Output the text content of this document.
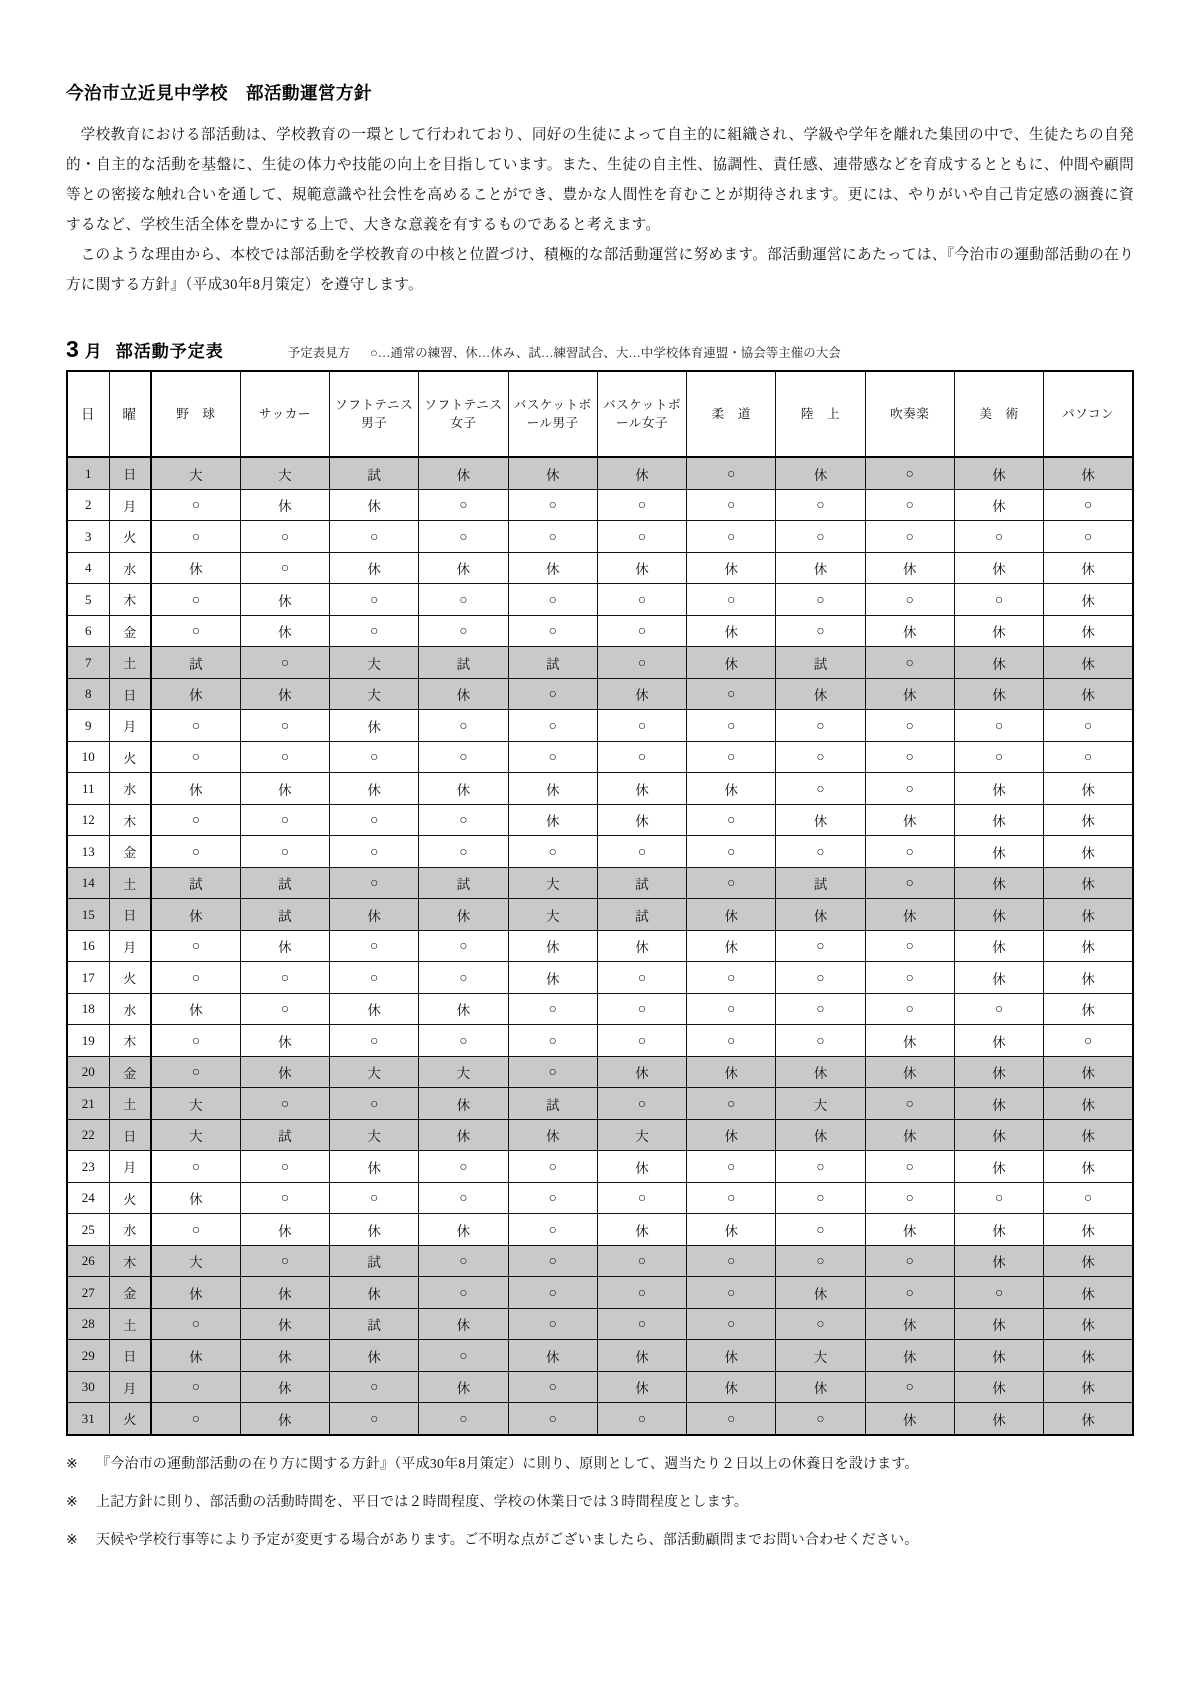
今治市立近見中学校　部活動運営方針

学校教育における部活動は、学校教育の一環として行われており、同好の生徒によって自主的に組織され、学級や学年を離れた集団の中で、生徒たちの自発的・自主的な活動を基盤に、生徒の体力や技能の向上を目指しています。また、生徒の自主性、協調性、責任感、連帯感などを育成するとともに、仲間や顧問等との密接な触れ合いを通して、規範意識や社会性を高めることができ、豊かな人間性を育むことが期待されます。更には、やりがいや自己肯定感の涵養に資するなど、学校生活全体を豊かにする上で、大きな意義を有するものであると考えます。

このような理由から、本校では部活動を学校教育の中核と位置づけ、積極的な部活動運営に努めます。部活動運営にあたっては、『今治市の運動部活動の在り方に関する方針』（平成30年8月策定）を遵守します。

3 月 部活動予定表	予定表見方 ○…通常の練習、休…休み、試…練習試合、大…中学校体育連盟・協会等主催の大会
日	曜	野　球	サッカー	ソフトテニス男子	ソフトテニス女子	バスケットボール男子	バスケットボール女子	柔　道	陸　上	吹奏楽	美　術	パソコン
1	日	大	大	試	休	休	休	○	休	○	休	休
2	月	○	休	休	○	○	○	○	○	○	休	○
3	火	○	○	○	○	○	○	○	○	○	○	○
4	水	休	○	休	休	休	休	休	休	休	休	休
5	木	○	休	○	○	○	○	○	○	○	○	休
6	金	○	休	○	○	○	○	休	○	休	休	休
7	土	試	○	大	試	試	○	休	試	○	休	休
8	日	休	休	大	休	○	休	○	休	休	休	休
9	月	○	○	休	○	○	○	○	○	○	○	○
10	火	○	○	○	○	○	○	○	○	○	○	○
11	水	休	休	休	休	休	休	休	○	○	休	休
12	木	○	○	○	○	休	休	○	休	休	休	休
13	金	○	○	○	○	○	○	○	○	○	休	休
14	土	試	試	○	試	大	試	○	試	○	休	休
15	日	休	試	休	休	大	試	休	休	休	休	休
16	月	○	休	○	○	休	休	休	○	○	休	休
17	火	○	○	○	○	休	○	○	○	○	休	休
18	水	休	○	休	休	○	○	○	○	○	○	休
19	木	○	休	○	○	○	○	○	○	休	休	○
20	金	○	休	大	大	○	休	休	休	休	休	休
21	土	大	○	○	休	試	○	○	大	○	休	休
22	日	大	試	大	休	休	大	休	休	休	休	休
23	月	○	○	休	○	○	休	○	○	○	休	休
24	火	休	○	○	○	○	○	○	○	○	○	○
25	水	○	休	休	休	○	休	休	○	休	休	休
26	木	大	○	試	○	○	○	○	○	○	休	休
27	金	休	休	休	○	○	○	○	休	○	○	休
28	土	○	休	試	休	○	○	○	○	休	休	休
29	日	休	休	休	○	休	休	休	大	休	休	休
30	月	○	休	○	休	○	休	休	休	○	休	休
31	火	○	休	○	○	○	○	○	○	休	休	休
※	『今治市の運動部活動の在り方に関する方針』（平成30年8月策定）に則り、原則として、週当たり２日以上の休養日を設けます。
※	上記方針に則り、部活動の活動時間を、平日では２時間程度、学校の休業日では３時間程度とします。
※	天候や学校行事等により予定が変更する場合があります。ご不明な点がございましたら、部活動顧問までお問い合わせください。
